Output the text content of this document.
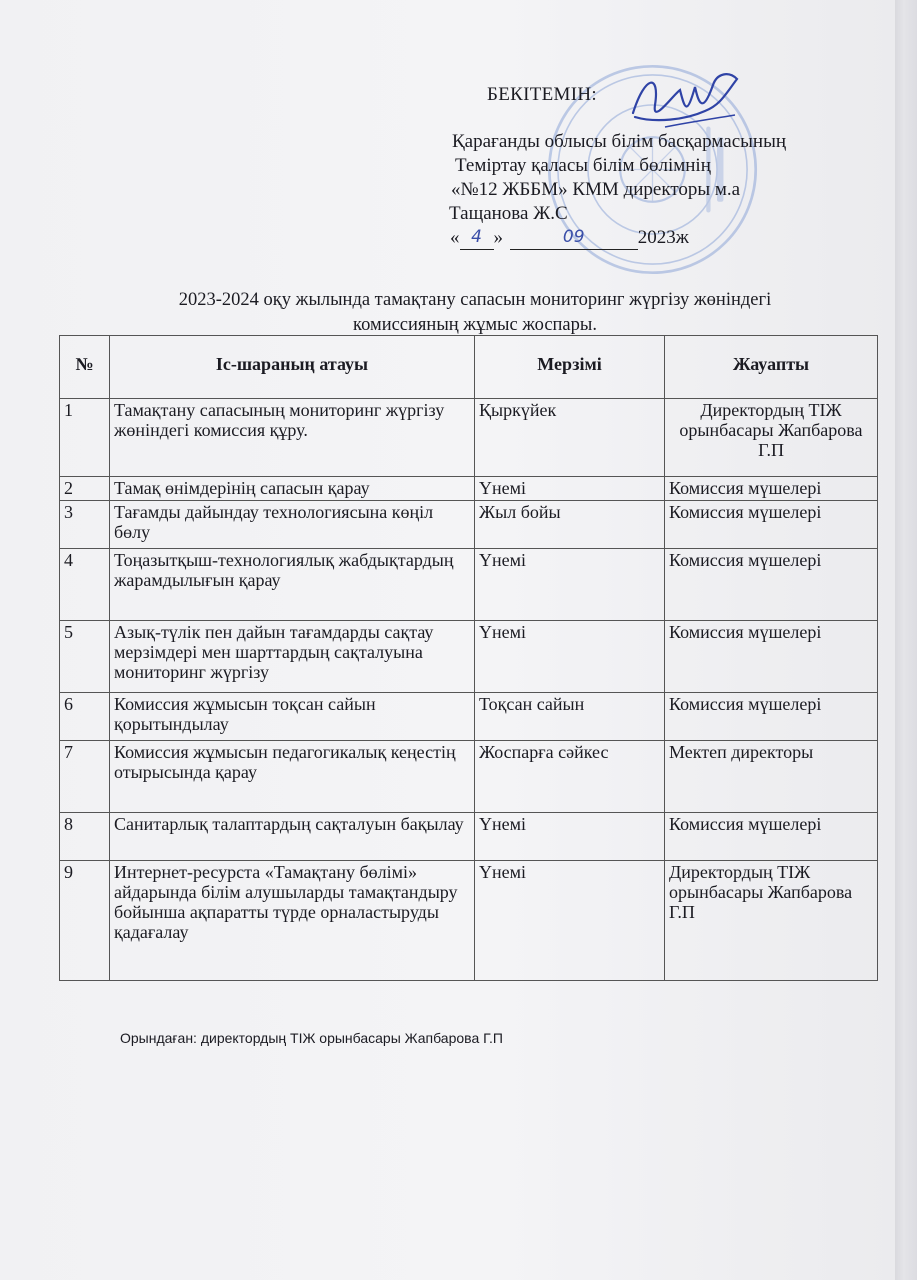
БЕКІТЕМІН:
Қарағанды облысы білім басқармасының
Теміртау қаласы білім бөлімнің
«№12 ЖББМ» КММ директоры м.а
Тащанова Ж.С
« 4 »	09	2023ж
2023-2024 оқу жылында тамақтану сапасын мониторинг жүргізу жөніндегі
комиссияның жұмыс жоспары.
№	Іс-шараның атауы	Мерзімі	Жауапты
1	Тамақтану сапасының мониторинг жүргізу жөніндегі комиссия құру.	Қыркүйек	Директордың ТІЖ орынбасары Жапбарова Г.П
2	Тамақ өнімдерінің сапасын қарау	Үнемі	Комиссия мүшелері
3	Тағамды дайындау технологиясына көңіл бөлу	Жыл бойы	Комиссия мүшелері
4	Тоңазытқыш-технологиялық жабдықтардың жарамдылығын қарау	Үнемі	Комиссия мүшелері
5	Азық-түлік пен дайын тағамдарды сақтау мерзімдері мен шарттардың сақталуына мониторинг жүргізу	Үнемі	Комиссия мүшелері
6	Комиссия жұмысын тоқсан сайын қорытындылау	Тоқсан сайын	Комиссия мүшелері
7	Комиссия жұмысын педагогикалық кеңестің отырысында қарау	Жоспарға сәйкес	Мектеп директоры
8	Санитарлық талаптардың сақталуын бақылау	Үнемі	Комиссия мүшелері
9	Интернет-ресурста «Тамақтану бөлімі» айдарында білім алушыларды тамақтандыру бойынша ақпаратты түрде орналастыруды қадағалау	Үнемі	Директордың ТІЖ орынбасары Жапбарова Г.П
Орындаған: директордың ТІЖ орынбасары Жапбарова Г.П
